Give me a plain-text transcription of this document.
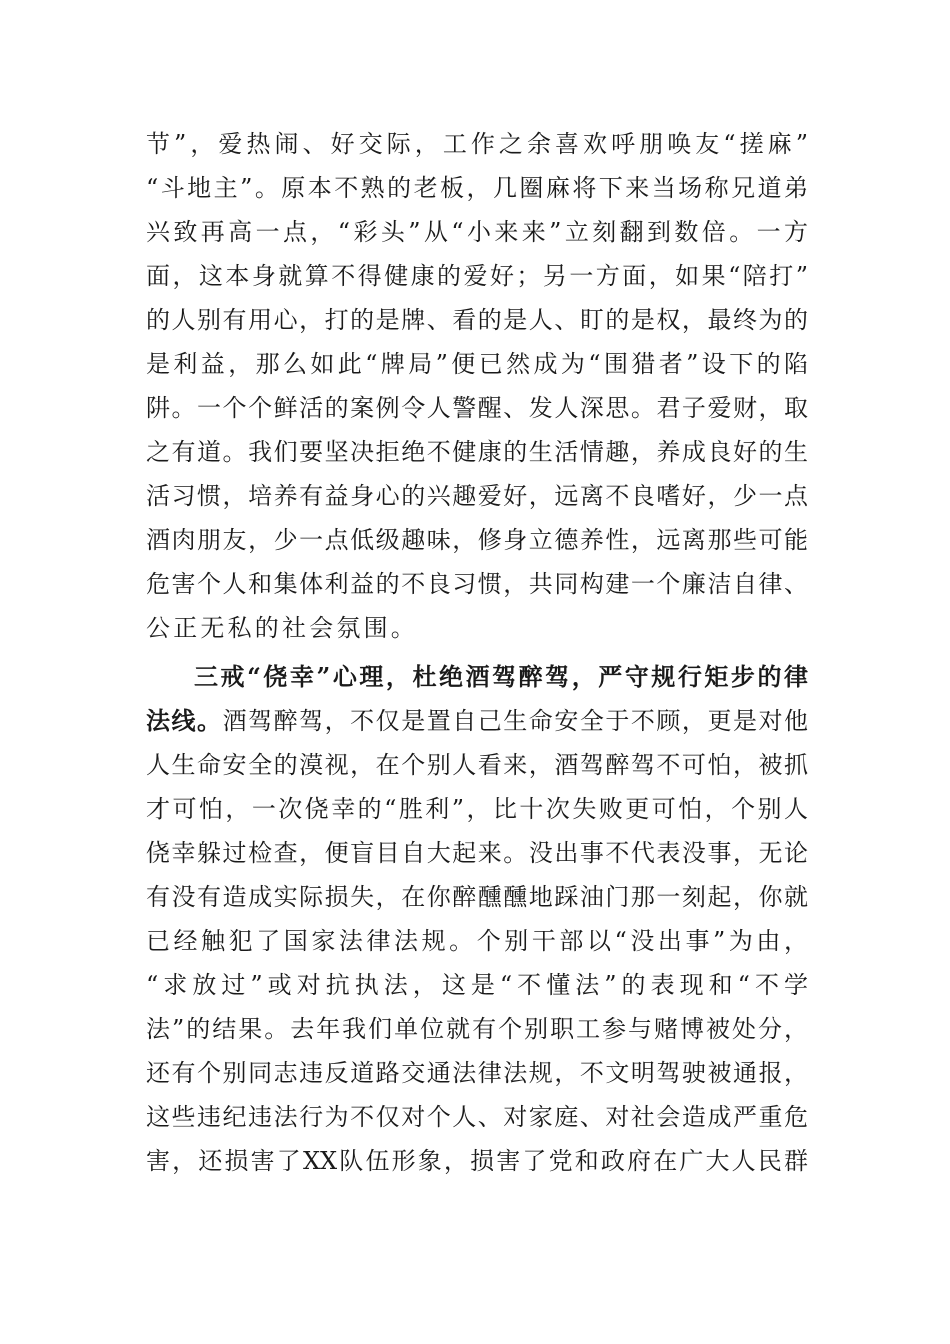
节”，爱热闹、好交际，工作之余喜欢呼朋唤友“搓麻”
“斗地主”。原本不熟的老板，几圈麻将下来当场称兄道弟
兴致再高一点，“彩头”从“小来来”立刻翻到数倍。一方
面，这本身就算不得健康的爱好；另一方面，如果“陪打”
的人别有用心，打的是牌、看的是人、盯的是权，最终为的
是利益，那么如此“牌局”便已然成为“围猎者”设下的陷
阱。一个个鲜活的案例令人警醒、发人深思。君子爱财，取
之有道。我们要坚决拒绝不健康的生活情趣，养成良好的生
活习惯，培养有益身心的兴趣爱好，远离不良嗜好，少一点
酒肉朋友，少一点低级趣味，修身立德养性，远离那些可能
危害个人和集体利益的不良习惯，共同构建一个廉洁自律、
公正无私的社会氛围。
三戒“侥幸”心理，杜绝酒驾醉驾，严守规行矩步的律
法线。酒驾醉驾，不仅是置自己生命安全于不顾，更是对他
人生命安全的漠视，在个别人看来，酒驾醉驾不可怕，被抓
才可怕，一次侥幸的“胜利”，比十次失败更可怕，个别人
侥幸躲过检查，便盲目自大起来。没出事不代表没事，无论
有没有造成实际损失，在你醉醺醺地踩油门那一刻起，你就
已经触犯了国家法律法规。个别干部以“没出事”为由，
“求放过”或对抗执法，这是“不懂法”的表现和“不学
法”的结果。去年我们单位就有个别职工参与赌博被处分，
还有个别同志违反道路交通法律法规，不文明驾驶被通报，
这些违纪违法行为不仅对个人、对家庭、对社会造成严重危
害，还损害了XX队伍形象，损害了党和政府在广大人民群
